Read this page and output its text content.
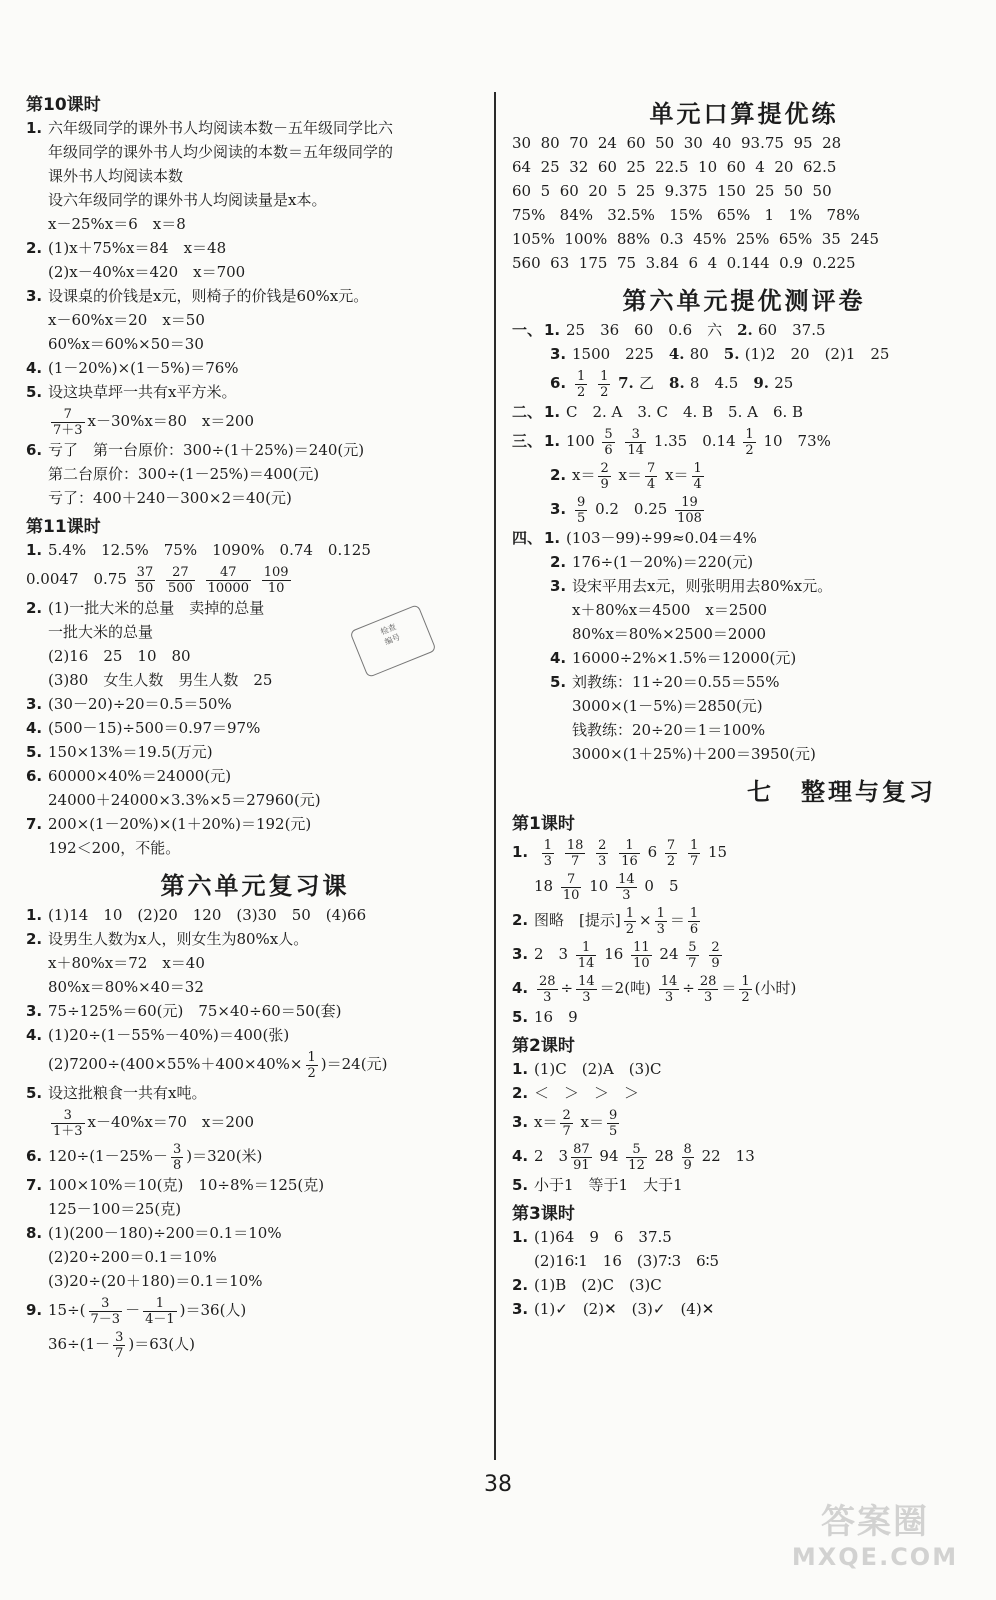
第10课时
1. 六年级同学的课外书人均阅读本数－五年级同学比六
年级同学的课外书人均少阅读的本数＝五年级同学的
课外书人均阅读本数
设六年级同学的课外书人均阅读量是x本。
x－25%x＝6　x＝8
2. (1)x＋75%x＝84　x＝48
(2)x－40%x＝420　x＝700
3. 设课桌的价钱是x元，则椅子的价钱是60%x元。
x－60%x＝20　x＝50
60%x＝60%×50＝30
4. (1－20%)×(1－5%)＝76%
5. 设这块草坪一共有x平方米。
$\frac{7}{7+3} x-30\%x=80$　x＝200
6. 亏了　第一台原价：300÷(1＋25%)＝240(元)
第二台原价：300÷(1－25%)＝400(元)
亏了：400＋240－300×2＝40(元)
第11课时
1. 5.4%　12.5%　75%　1090%　0.74　0.125
0.0047　$0.75 \frac{37}{50}$
$\frac{27}{500}$
$\frac{47}{10000}$
$\frac{109}{10}$
2. (1)一批大米的总量　卖掉的总量
一批大米的总量
(2)16　25　10　80
(3)80　女生人数　男生人数　25
3. (30－20)÷20＝0.5＝50%
4. (500－15)÷500＝0.97＝97%
5. 150×13%＝19.5(万元)
6. 60000×40%＝24000(元)
24000＋24000×3.3%×5＝27960(元)
7. 200×(1－20%)×(1＋20%)＝192(元)
192＜200，不能。
第六单元复习课
1. (1)14　10　(2)20　120　(3)30　50　(4)66
2. 设男生人数为x人，则女生为80%x人。
x＋80%x＝72　x＝40
80%x＝80%×40＝32
3. 75÷125%＝60(元)　75×40÷60＝50(套)
4. (1)20÷(1－55%－40%)＝400(张)
$(2)7200\div(400\times 55\%+400\times 40\%\times \frac{1}{2} )=24$(元)
5. 设这批粮食一共有x吨。
$\frac{3}{1+3} x-40\%x=70$　x＝200
6. $120\div(1-25\%- \frac{3}{8} )=320$(米)
7. 100×10%＝10(克)　10÷8%＝125(克)
125－100＝25(克)
8. (1)(200－180)÷200＝0.1＝10%
(2)20÷200＝0.1＝10%
(3)20÷(20＋180)＝0.1＝10%
9. $15\div( \frac{3}{7-3} - \frac{1}{4-1} )=36$(人)
$36\div(1- \frac{3}{7} )=63$(人)
检查
编号
单元口算提优练
30  80  70  24  60  50  30  40  93.75  95  28
64  25  32  60  25  22.5  10  60  4  20  62.5
60  5  60  20  5  25  9.375  150  25  50  50
75%   84%   32.5%   15%   65%   1   1%   78%
105%  100%  88%  0.3  45%  25%  65%  35  245
560  63  175  75  3.84  6  4  0.144  0.9  0.225
第六单元提优测评卷
一、 1. 25　36　60　0.6　六　2. 60　37.5
3. 1500　225　4. 80　5. (1)2　20　(2)1　25
6. $\frac{1}{2}$
$\frac{1}{2} 7$. 乙　8. 8　4.5　9. 25
二、 1. C　2. A　3. C　4. B　5. A　6. B
三、 1. $100 \frac{5}{6}$
$\frac{3}{14} 1.35$　$0.14 \frac{1}{2} 10$　73%
2. $x= \frac{2}{9} x= \frac{7}{4} x= \frac{1}{4}$
3. $\frac{9}{5} 0.2$　$0.25 \frac{19}{108}$
四、 1. (103－99)÷99≈0.04＝4%
2. 176÷(1－20%)＝220(元)
3. 设宋平用去x元，则张明用去80%x元。
x＋80%x＝4500　x＝2500
80%x＝80%×2500＝2000
4. 16000÷2%×1.5%＝12000(元)
5. 刘教练：11÷20＝0.55＝55%
3000×(1－5%)＝2850(元)
钱教练：20÷20＝1＝100%
3000×(1＋25%)＋200＝3950(元)
七　整理与复习
第1课时
1. $\frac{1}{3}$
$\frac{18}{7}$
$\frac{2}{3}$
$\frac{1}{16} 6 \frac{7}{2}$
$\frac{1}{7} 15$
$18 \frac{7}{10} 10 \frac{14}{3} 0$　5
2. 图略　[提示] $\frac{1}{2} \times \frac{1}{3} = \frac{1}{6}$
3. 2　$3 \frac{1}{14} 16 \frac{11}{10} 24 \frac{5}{7}$
$\frac{2}{9}$
4. $\frac{28}{3} \div \frac{14}{3} =2$(吨) $\frac{14}{3} \div \frac{28}{3} = \frac{1}{2}$ (小时)
5. 16　9
第2课时
1. (1)C　(2)A　(3)C
2. ＜　＞　＞　＞
3. $x= \frac{2}{7} x= \frac{9}{5}$
4. 2　$3 \frac{87}{91} 94 \frac{5}{12} 28 \frac{8}{9} 22$　13
5. 小于1　等于1　大于1
第3课时
1. (1)64　9　6　37.5
(2)16∶1　16　(3)7∶3　6∶5
2. (1)B　(2)C　(3)C
3. (1)✓　(2)✕　(3)✓　(4)✕
38
答案圈
MXQE.COM
